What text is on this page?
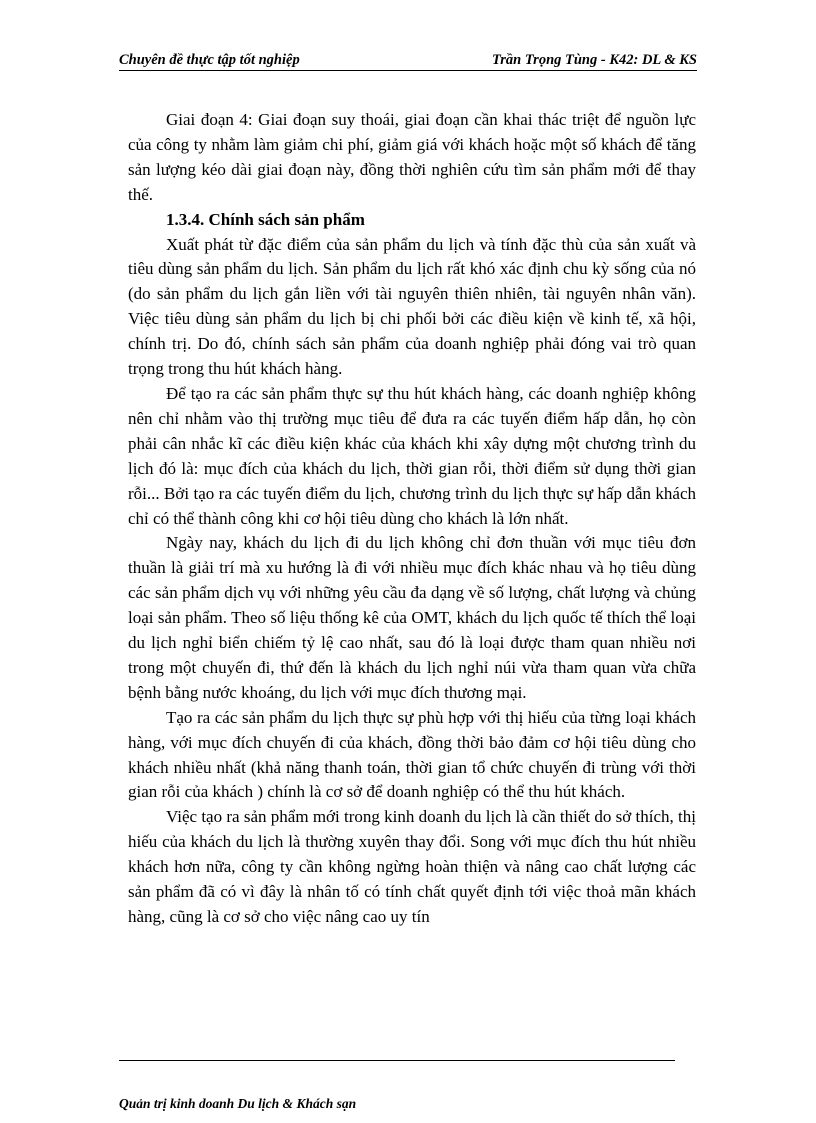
Chuyên đề thực tập tốt nghiệp	Trần Trọng Tùng - K42: DL & KS

Giai đoạn 4: Giai đoạn suy thoái, giai đoạn cần khai thác triệt để nguồn lực của công ty nhằm làm giảm chi phí, giảm giá với khách hoặc một số khách để tăng sản lượng kéo dài giai đoạn này, đồng thời nghiên cứu tìm sản phẩm mới để thay thế.

1.3.4. Chính sách sản phẩm

Xuất phát từ đặc điểm của sản phẩm du lịch và tính đặc thù của sản xuất và tiêu dùng sản phẩm du lịch. Sản phẩm du lịch rất khó xác định chu kỳ sống của nó (do sản phẩm du lịch gắn liền với tài nguyên thiên nhiên, tài nguyên nhân văn). Việc tiêu dùng sản phẩm du lịch bị chi phối bởi các điều kiện về kinh tế, xã hội, chính trị. Do đó, chính sách sản phẩm của doanh nghiệp phải đóng vai trò quan trọng trong thu hút khách hàng.

Để tạo ra các sản phẩm thực sự thu hút khách hàng, các doanh nghiệp không nên chỉ nhằm vào thị trường mục tiêu để đưa ra các tuyến điểm hấp dẫn, họ còn phải cân nhắc kĩ các điều kiện khác của khách khi xây dựng một chương trình du lịch đó là: mục đích của khách du lịch, thời gian rỗi, thời điểm sử dụng thời gian rỗi... Bởi tạo ra các tuyến điểm du lịch, chương trình du lịch thực sự hấp dẫn khách chỉ có thể thành công khi cơ hội tiêu dùng cho khách là lớn nhất.

Ngày nay, khách du lịch đi du lịch không chỉ đơn thuần với mục tiêu đơn thuần là giải trí mà xu hướng là đi với nhiều mục đích khác nhau và họ tiêu dùng các sản phẩm dịch vụ với những yêu cầu đa dạng về số lượng, chất lượng và chủng loại sản phẩm. Theo số liệu thống kê của OMT, khách du lịch quốc tế thích thể loại du lịch nghỉ biển chiếm tỷ lệ cao nhất, sau đó là loại được tham quan nhiều nơi trong một chuyến đi, thứ đến là khách du lịch nghỉ núi vừa tham quan vừa chữa bệnh bằng nước khoáng, du lịch với mục đích thương mại.

Tạo ra các sản phẩm du lịch thực sự phù hợp với thị hiếu của từng loại khách hàng, với mục đích chuyến đi của khách, đồng thời bảo đảm cơ hội tiêu dùng cho khách nhiều nhất (khả năng thanh toán, thời gian tổ chức chuyến đi trùng với thời gian rỗi của khách ) chính là cơ sở để doanh nghiệp có thể thu hút khách.

Việc tạo ra sản phẩm mới trong kinh doanh du lịch là cần thiết do sở thích, thị hiếu của khách du lịch là thường xuyên thay đổi. Song với mục đích thu hút nhiều khách hơn nữa, công ty cần không ngừng hoàn thiện và nâng cao chất lượng các sản phẩm đã có vì đây là nhân tố có tính chất quyết định tới việc thoả mãn khách hàng, cũng là cơ sở cho việc nâng cao uy tín

Quản trị kinh doanh Du lịch & Khách sạn
